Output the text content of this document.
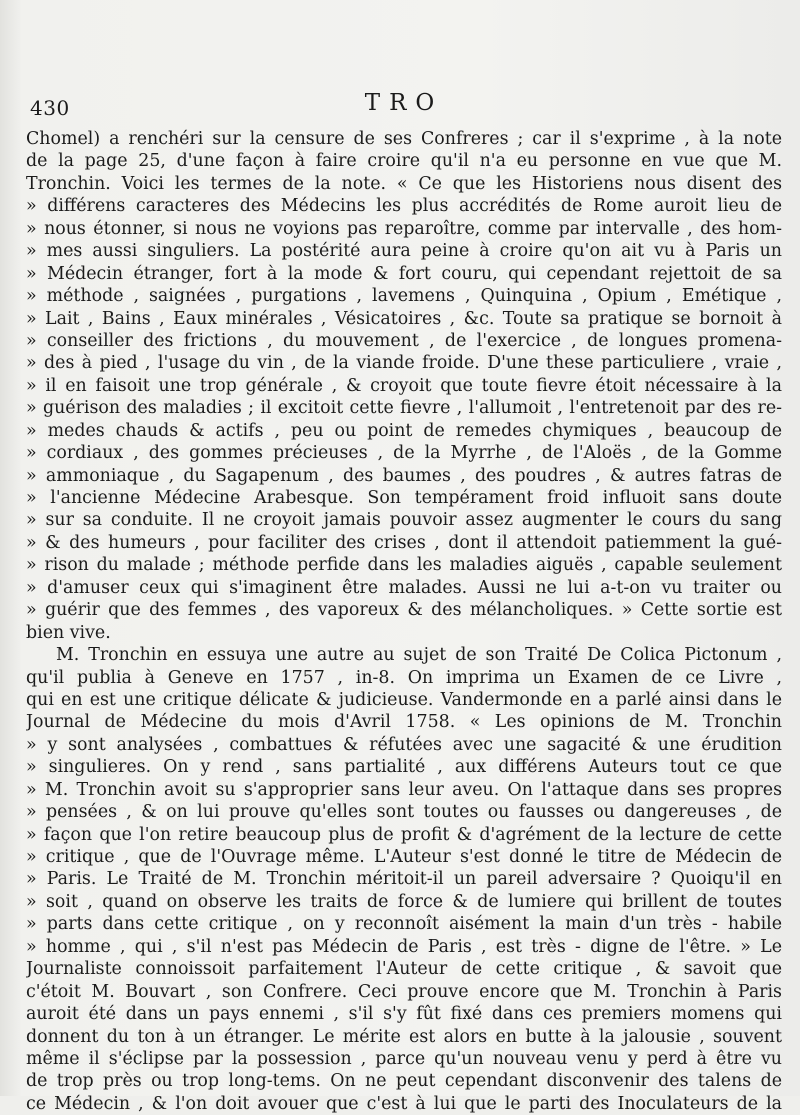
430	TRO
Chomel) a renchéri sur la censure de ses Confreres ; car il s'exprime , à la note
de la page 25, d'une façon à faire croire qu'il n'a eu personne en vue que M.
Tronchin. Voici les termes de la note. « Ce que les Historiens nous disent des
» différens caracteres des Médecins les plus accrédités de Rome auroit lieu de
» nous étonner, si nous ne voyions pas reparoître, comme par intervalle , des hom-
» mes aussi singuliers. La postérité aura peine à croire qu'on ait vu à Paris un
» Médecin étranger, fort à la mode & fort couru, qui cependant rejettoit de sa
» méthode , saignées , purgations , lavemens , Quinquina , Opium , Emétique ,
» Lait , Bains , Eaux minérales , Vésicatoires , &c. Toute sa pratique se bornoit à
» conseiller des frictions , du mouvement , de l'exercice , de longues promena-
» des à pied , l'usage du vin , de la viande froide. D'une these particuliere , vraie ,
» il en faisoit une trop générale , & croyoit que toute fievre étoit nécessaire à la
» guérison des maladies ; il excitoit cette fievre , l'allumoit , l'entretenoit par des re-
» medes chauds & actifs , peu ou point de remedes chymiques , beaucoup de
» cordiaux , des gommes précieuses , de la Myrrhe , de l'Aloës , de la Gomme
» ammoniaque , du Sagapenum , des baumes , des poudres , & autres fatras de
» l'ancienne Médecine Arabesque. Son tempérament froid influoit sans doute
» sur sa conduite. Il ne croyoit jamais pouvoir assez augmenter le cours du sang
» & des humeurs , pour faciliter des crises , dont il attendoit patiemment la gué-
» rison du malade ; méthode perfide dans les maladies aiguës , capable seulement
» d'amuser ceux qui s'imaginent être malades. Aussi ne lui a-t-on vu traiter ou
» guérir que des femmes , des vaporeux & des mélancholiques. » Cette sortie est
bien vive.
M. Tronchin en essuya une autre au sujet de son Traité De Colica Pictonum ,
qu'il publia à Geneve en 1757 , in-8. On imprima un Examen de ce Livre ,
qui en est une critique délicate & judicieuse. Vandermonde en a parlé ainsi dans le
Journal de Médecine du mois d'Avril 1758. « Les opinions de M. Tronchin
» y sont analysées , combattues & réfutées avec une sagacité & une érudition
» singulieres. On y rend , sans partialité , aux différens Auteurs tout ce que
» M. Tronchin avoit su s'approprier sans leur aveu. On l'attaque dans ses propres
» pensées , & on lui prouve qu'elles sont toutes ou fausses ou dangereuses , de
» façon que l'on retire beaucoup plus de profit & d'agrément de la lecture de cette
» critique , que de l'Ouvrage même. L'Auteur s'est donné le titre de Médecin de
» Paris. Le Traité de M. Tronchin méritoit-il un pareil adversaire ? Quoiqu'il en
» soit , quand on observe les traits de force & de lumiere qui brillent de toutes
» parts dans cette critique , on y reconnoît aisément la main d'un très - habile
» homme , qui , s'il n'est pas Médecin de Paris , est très - digne de l'être. » Le
Journaliste connoissoit parfaitement l'Auteur de cette critique , & savoit que
c'étoit M. Bouvart , son Confrere. Ceci prouve encore que M. Tronchin à Paris
auroit été dans un pays ennemi , s'il s'y fût fixé dans ces premiers momens qui
donnent du ton à un étranger. Le mérite est alors en butte à la jalousie , souvent
même il s'éclipse par la possession , parce qu'un nouveau venu y perd à être vu
de trop près ou trop long-tems. On ne peut cependant disconvenir des talens de
ce Médecin , & l'on doit avouer que c'est à lui que le parti des Inoculateurs de la
